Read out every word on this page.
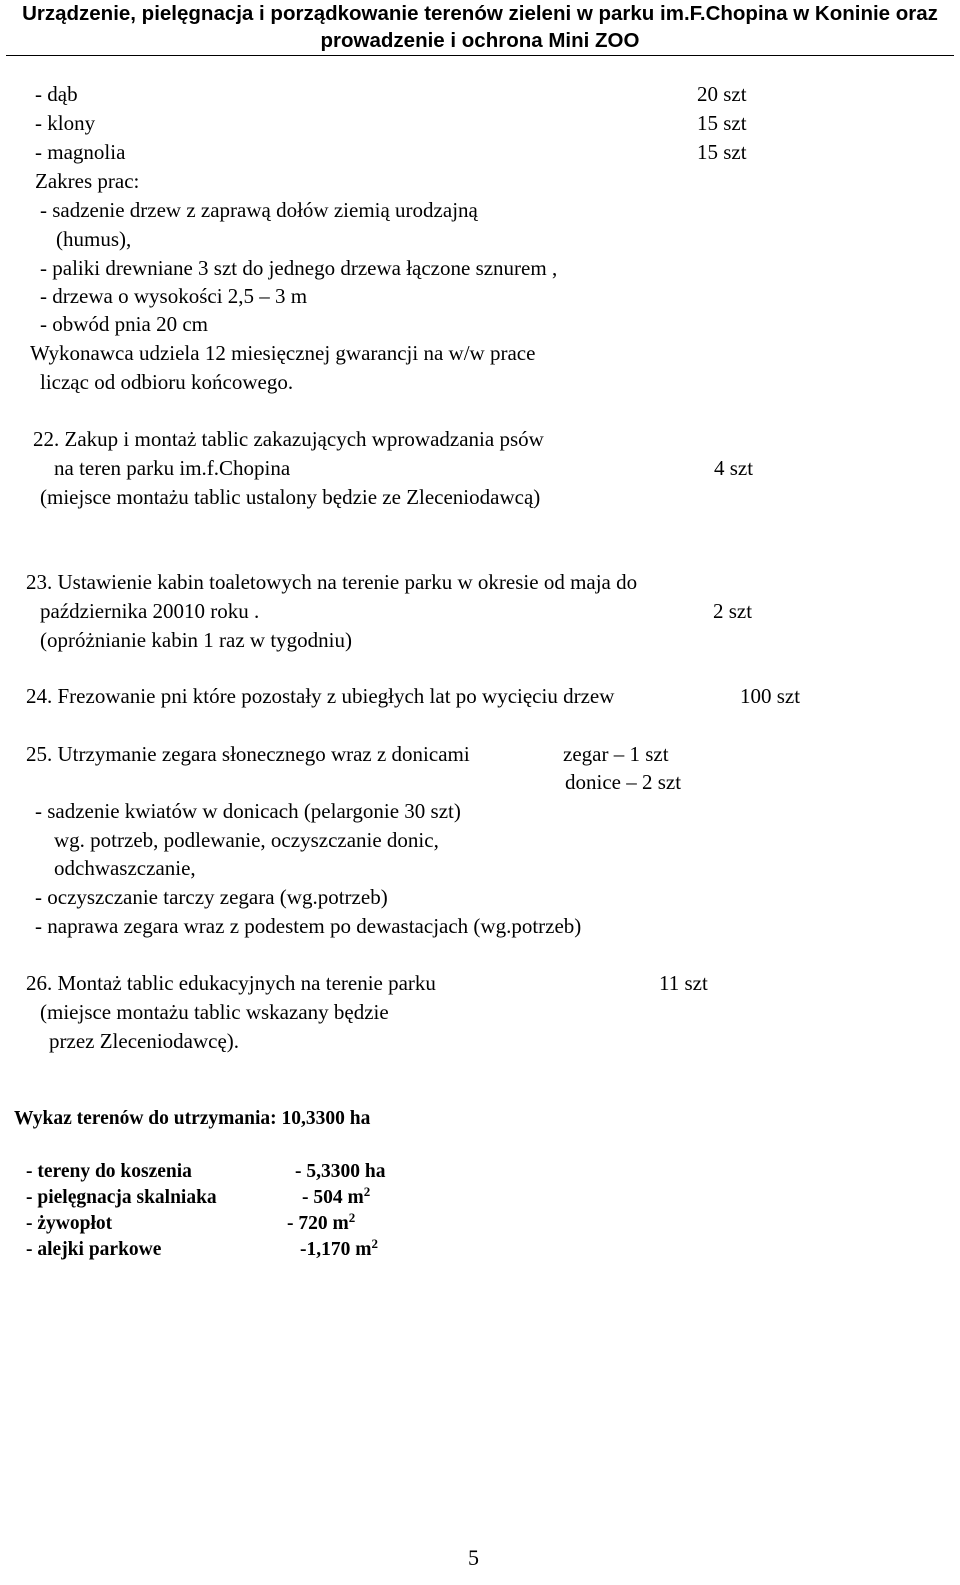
Urządzenie, pielęgnacja i porządkowanie terenów zieleni w parku im.F.Chopina w Koninie oraz
prowadzenie i ochrona Mini ZOO
- dąb	20 szt
- klony	15 szt
- magnolia	15 szt
Zakres prac:
- sadzenie drzew z zaprawą dołów ziemią urodzajną
(humus),
- paliki drewniane 3 szt do jednego drzewa łączone sznurem ,
- drzewa o wysokości 2,5 – 3 m
- obwód pnia 20 cm
Wykonawca udziela 12 miesięcznej gwarancji na w/w prace
licząc od odbioru końcowego.
22. Zakup i montaż tablic zakazujących wprowadzania psów
na teren parku im.f.Chopina	4 szt
(miejsce montażu tablic ustalony będzie ze Zleceniodawcą)
23. Ustawienie kabin toaletowych na terenie parku w okresie od maja do
października 20010 roku .	2 szt
(opróżnianie kabin 1 raz w tygodniu)
24. Frezowanie pni które pozostały z ubiegłych lat po wycięciu drzew	100 szt
25. Utrzymanie zegara słonecznego wraz z donicami	zegar – 1 szt
donice – 2 szt
- sadzenie kwiatów w donicach (pelargonie 30 szt)
wg. potrzeb, podlewanie, oczyszczanie donic,
odchwaszczanie,
- oczyszczanie tarczy zegara (wg.potrzeb)
- naprawa zegara wraz z podestem po dewastacjach (wg.potrzeb)
26. Montaż tablic edukacyjnych na terenie parku	11 szt
(miejsce montażu tablic wskazany będzie
przez Zleceniodawcę).
Wykaz terenów do utrzymania: 10,3300 ha
- tereny do koszenia	- 5,3300 ha
- pielęgnacja skalniaka	- 504 $m^2$
- żywopłot	- 720 $m^2$
- alejki parkowe	-1,170 $m^2$
5
